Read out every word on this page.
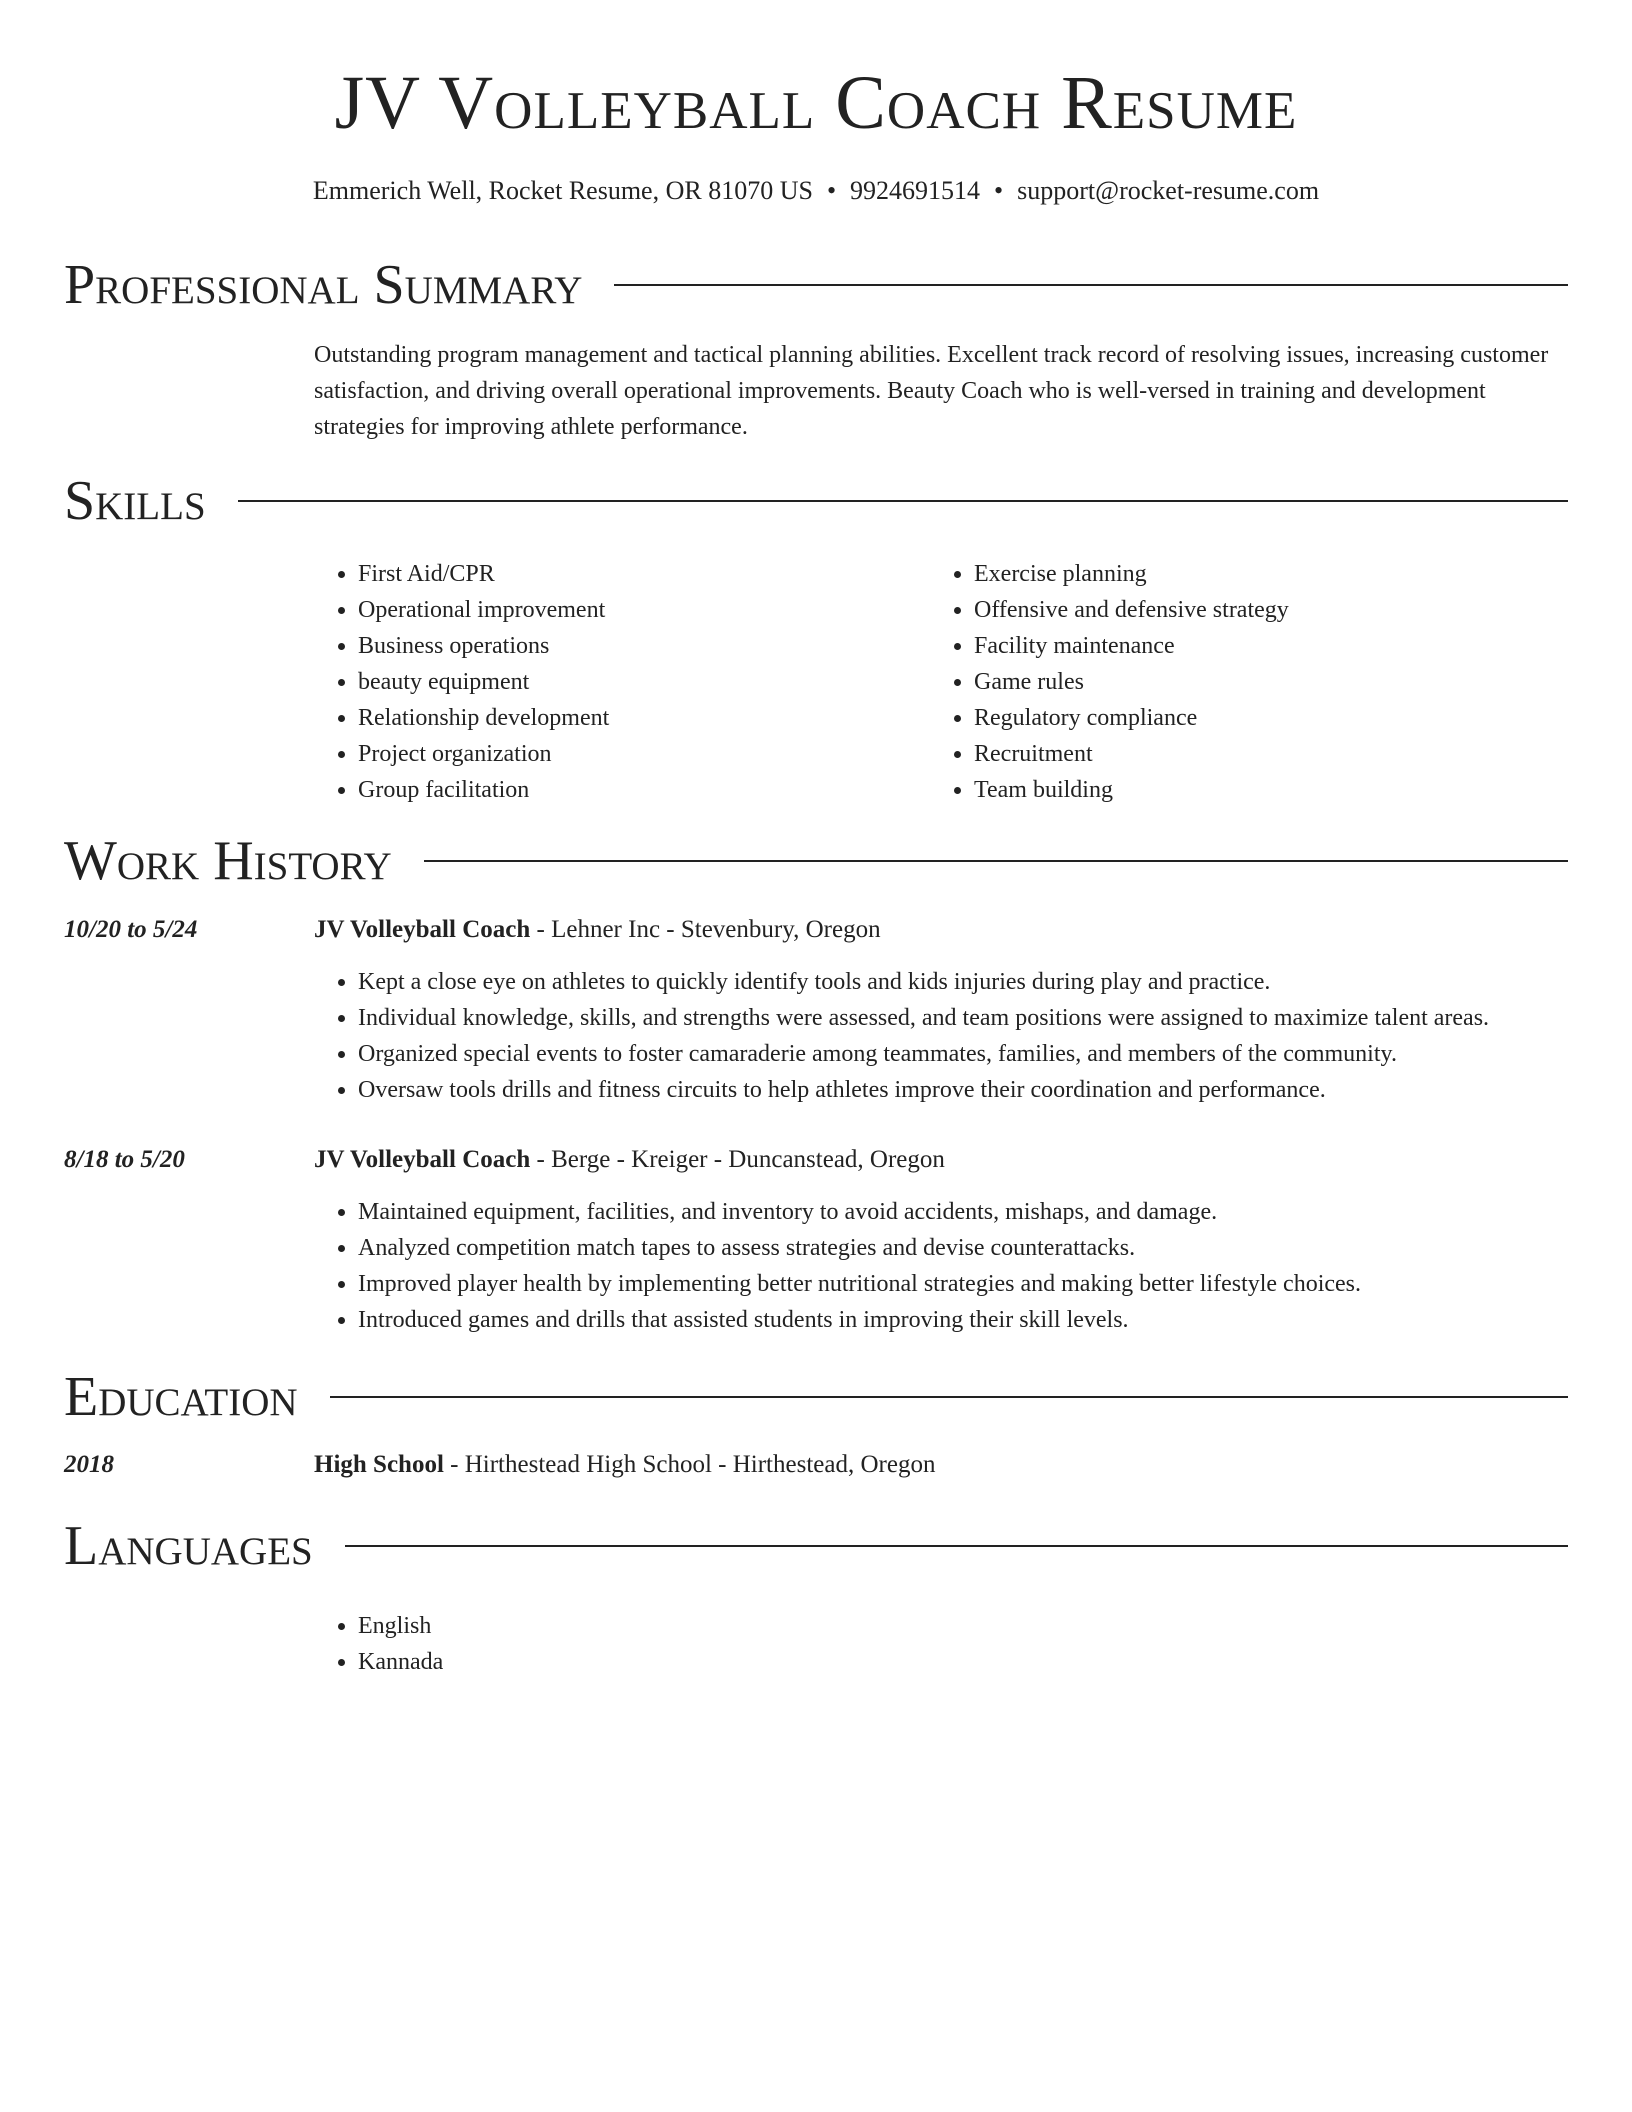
JV Volleyball Coach Resume
Emmerich Well, Rocket Resume, OR 81070 US • 9924691514 • support@rocket-resume.com
Professional Summary

Outstanding program management and tactical planning abilities. Excellent track record of resolving issues, increasing customer satisfaction, and driving overall operational improvements. Beauty Coach who is well-versed in training and development strategies for improving athlete performance.

Skills
• First Aid/CPR
• Operational improvement
• Business operations
• beauty equipment
• Relationship development
• Project organization
• Group facilitation
• Exercise planning
• Offensive and defensive strategy
• Facility maintenance
• Game rules
• Regulatory compliance
• Recruitment
• Team building
Work History
10/20 to 5/24	JV Volleyball Coach - Lehner Inc - Stevenbury, Oregon
• Kept a close eye on athletes to quickly identify tools and kids injuries during play and practice.
• Individual knowledge, skills, and strengths were assessed, and team positions were assigned to maximize talent areas.
• Organized special events to foster camaraderie among teammates, families, and members of the community.
• Oversaw tools drills and fitness circuits to help athletes improve their coordination and performance.
8/18 to 5/20	JV Volleyball Coach - Berge - Kreiger - Duncanstead, Oregon
• Maintained equipment, facilities, and inventory to avoid accidents, mishaps, and damage.
• Analyzed competition match tapes to assess strategies and devise counterattacks.
• Improved player health by implementing better nutritional strategies and making better lifestyle choices.
• Introduced games and drills that assisted students in improving their skill levels.
Education
2018	High School - Hirthestead High School - Hirthestead, Oregon
Languages
• English
• Kannada
